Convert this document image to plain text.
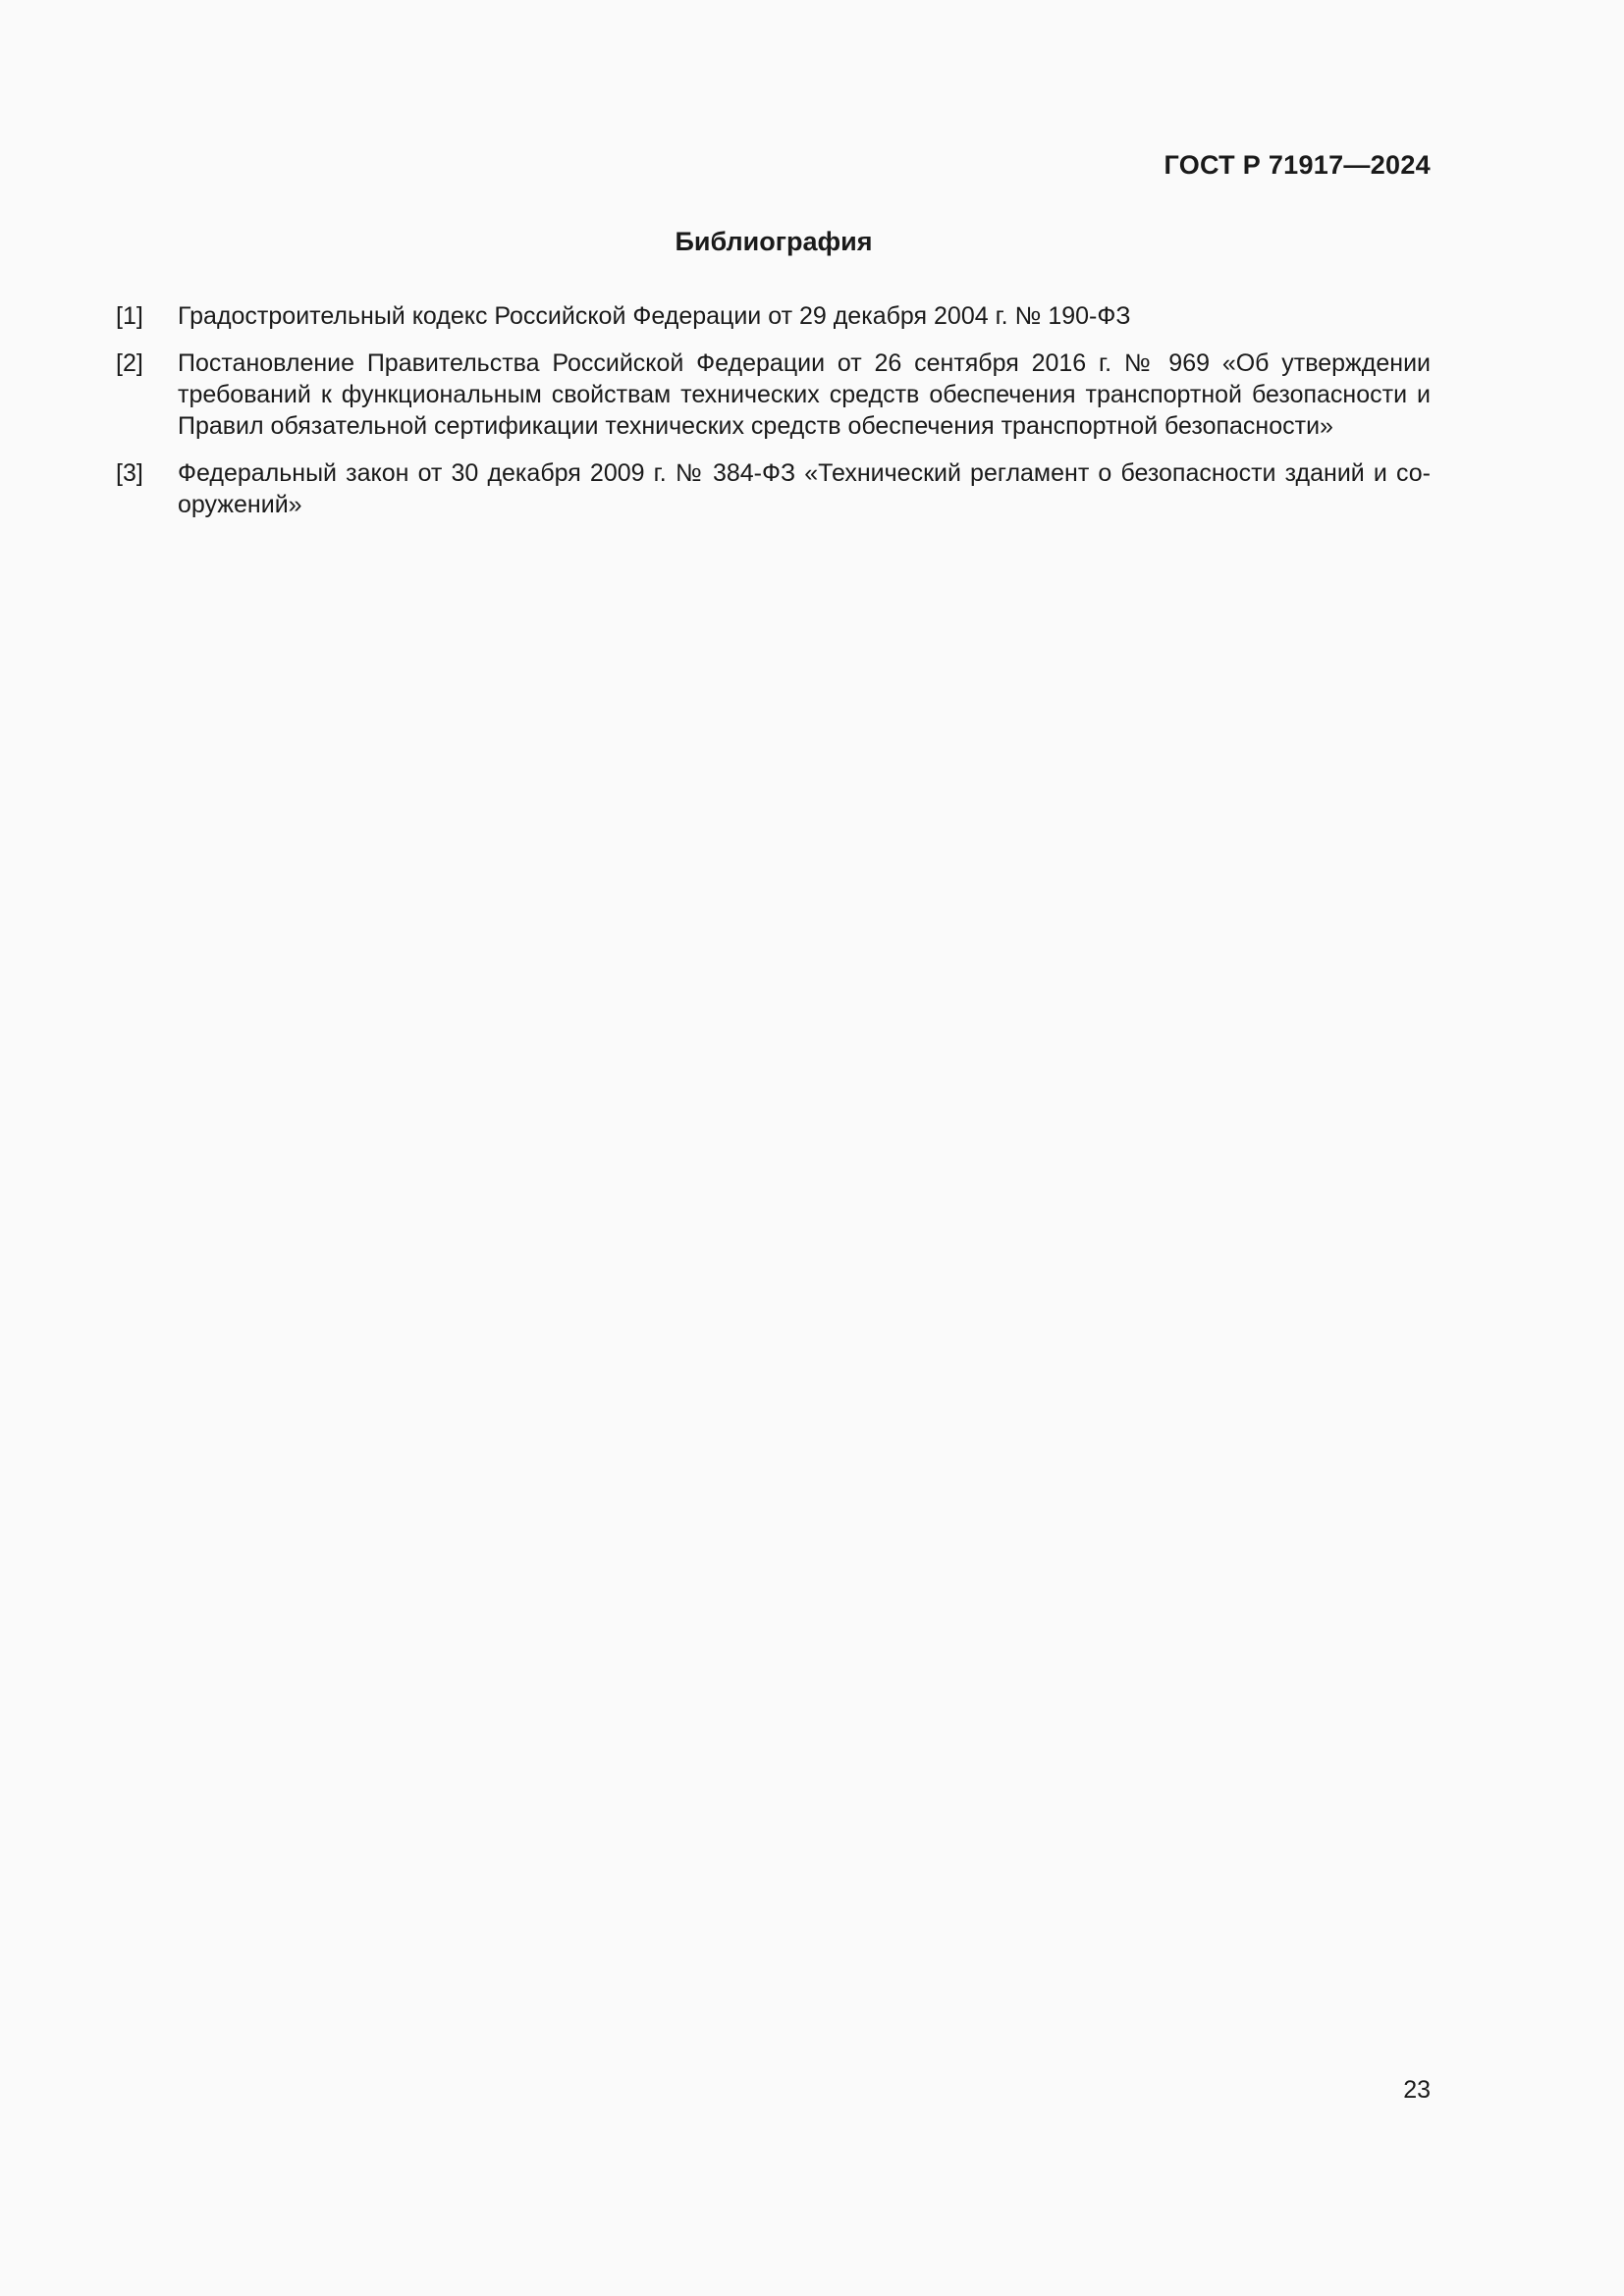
ГОСТ Р 71917—2024
Библиография
[1]	Градостроительный кодекс Российской Федерации от 29 декабря 2004 г. № 190-ФЗ
[2]	Постановление Правительства Российской Федерации от 26 сентября 2016 г. № 969 «Об утверждении требований к функциональным свойствам технических средств обеспечения транспортной безопасности и Правил обязательной сертификации технических средств обеспечения транспортной безопасности»
[3]	Федеральный закон от 30 декабря 2009 г. № 384-ФЗ «Технический регламент о безопасности зданий и сооружений»

23
